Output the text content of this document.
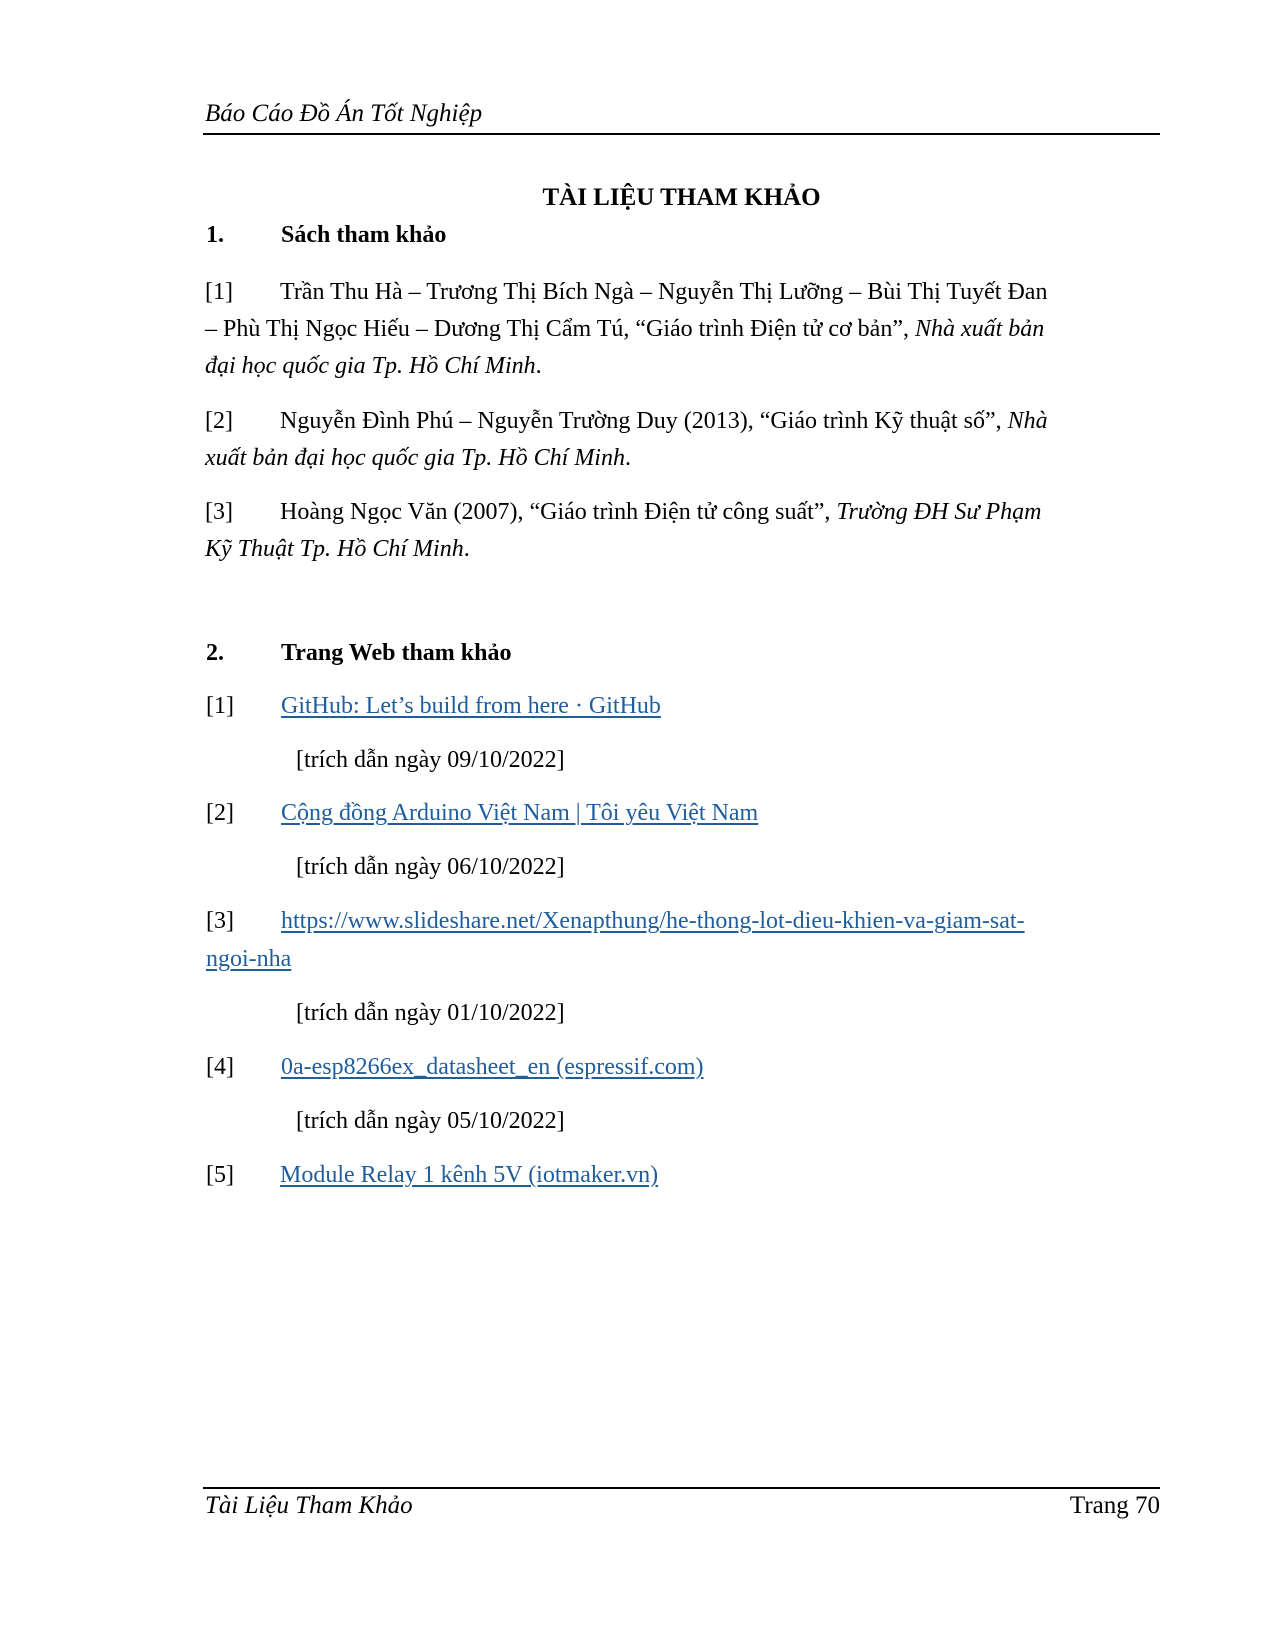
Báo Cáo Đồ Án Tốt Nghiệp
TÀI LIỆU THAM KHẢO
1. Sách tham khảo
[1] Trần Thu Hà – Trương Thị Bích Ngà – Nguyễn Thị Lưỡng – Bùi Thị Tuyết Đan
– Phù Thị Ngọc Hiếu – Dương Thị Cẩm Tú, “Giáo trình Điện tử cơ bản”, Nhà xuất bản
đại học quốc gia Tp. Hồ Chí Minh.
[2] Nguyễn Đình Phú – Nguyễn Trường Duy (2013), “Giáo trình Kỹ thuật số”, Nhà
xuất bản đại học quốc gia Tp. Hồ Chí Minh.
[3] Hoàng Ngọc Văn (2007), “Giáo trình Điện tử công suất”, Trường ĐH Sư Phạm
Kỹ Thuật Tp. Hồ Chí Minh.
2. Trang Web tham khảo
[1] GitHub: Let’s build from here · GitHub
[trích dẫn ngày 09/10/2022]
[2] Cộng đồng Arduino Việt Nam | Tôi yêu Việt Nam
[trích dẫn ngày 06/10/2022]
[3] https://www.slideshare.net/Xenapthung/he-thong-lot-dieu-khien-va-giam-sat-
ngoi-nha
[trích dẫn ngày 01/10/2022]
[4] 0a-esp8266ex_datasheet_en (espressif.com)
[trích dẫn ngày 05/10/2022]
[5] Module Relay 1 kênh 5V (iotmaker.vn)
Tài Liệu Tham Khảo	Trang 70
